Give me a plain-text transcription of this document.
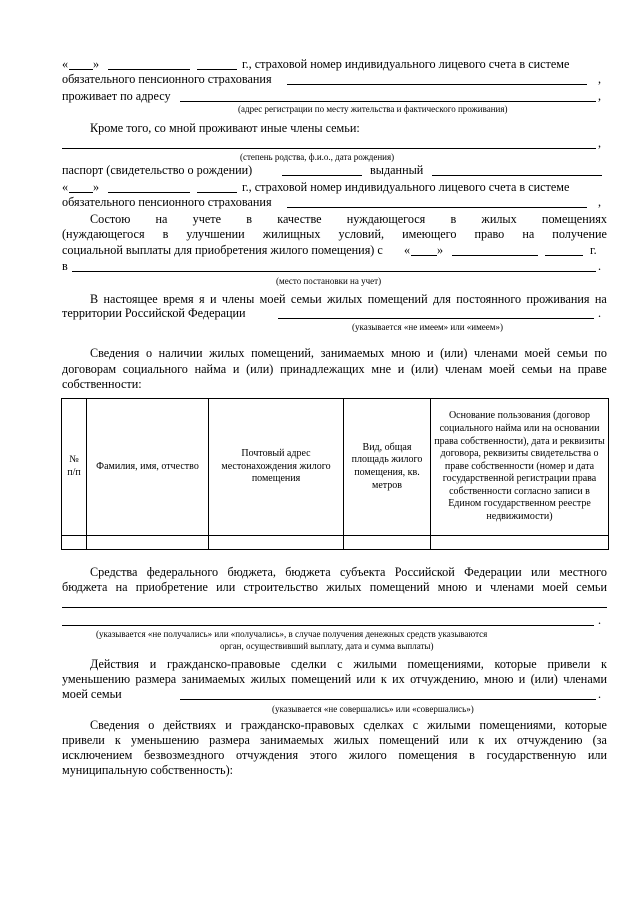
« »	г., страховой номер индивидуального лицевого счета в системе
обязательного пенсионного страхования	,
проживает по адресу	,
(адрес регистрации по месту жительства и фактического проживания)
Кроме того, со мной проживают иные члены семьи:
,
(степень родства, ф.и.о., дата рождения)
паспорт (свидетельство о рождении)	выданный
« »	г., страховой номер индивидуального лицевого счета в системе
обязательного пенсионного страхования	,
Состою на учете в качестве нуждающегося в жилых помещениях
(нуждающегося в улучшении жилищных условий, имеющего право на получение
социальной выплаты для приобретения жилого помещения) с « »	г.
в	.
(место постановки на учет)
В настоящее время я и члены моей семьи жилых помещений для постоянного проживания на
территории Российской Федерации	.
(указывается «не имеем» или «имеем»)
Сведения о наличии жилых помещений, занимаемых мною и (или) членами моей семьи по
договорам социального найма и (или) принадлежащих мне и (или) членам моей семьи на праве
собственности:
№ п/п	Фамилия, имя, отчество	Почтовый адрес местонахождения жилого помещения	Вид, общая площадь жилого помещения, кв. метров	Основание пользования (договор социального найма или на основании права собственности), дата и реквизиты договора, реквизиты свидетельства о праве собственности (номер и дата государственной регистрации права собственности согласно записи в Едином государственном реестре недвижимости)

Средства федерального бюджета, бюджета субъекта Российской Федерации или местного
бюджета на приобретение или строительство жилых помещений мною и членами моей семьи
.
(указывается «не получались» или «получались», в случае получения денежных средств указываются
орган, осуществивший выплату, дата и сумма выплаты)
Действия и гражданско-правовые сделки с жилыми помещениями, которые привели к
уменьшению размера занимаемых жилых помещений или к их отчуждению, мною и (или) членами
моей семьи	.
(указывается «не совершались» или «совершались»)
Сведения о действиях и гражданско-правовых сделках с жилыми помещениями, которые
привели к уменьшению размера занимаемых жилых помещений или к их отчуждению (за
исключением безвозмездного отчуждения этого жилого помещения в государственную или
муниципальную собственность):
